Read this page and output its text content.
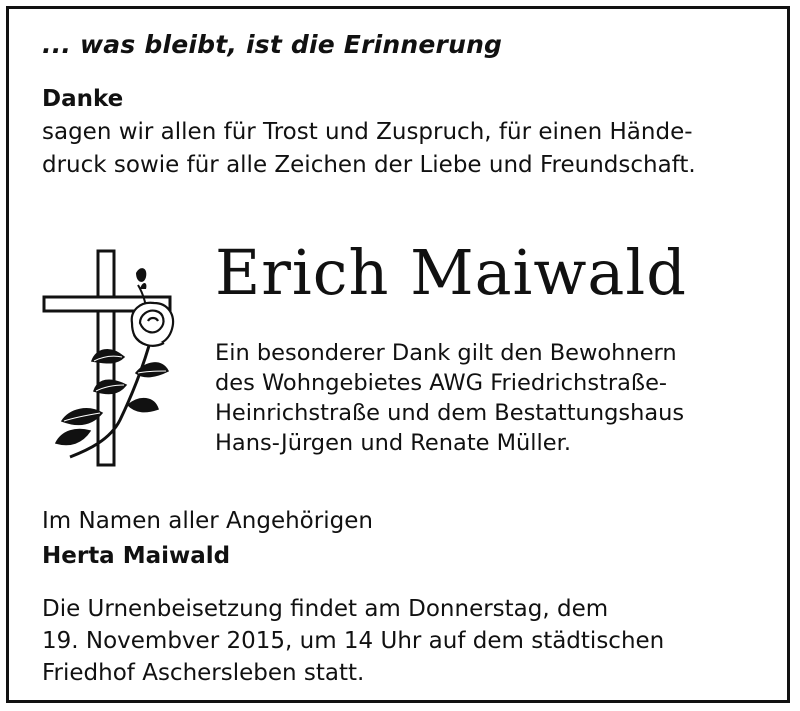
... was bleibt, ist die Erinnerung
Danke
sagen wir allen für Trost und Zuspruch, für einen Hände-
druck sowie für alle Zeichen der Liebe und Freundschaft.
Erich Maiwald
Ein besonderer Dank gilt den Bewohnern
des Wohngebietes AWG Friedrichstraße-
Heinrichstraße und dem Bestattungshaus
Hans-Jürgen und Renate Müller.
Im Namen aller Angehörigen
Herta Maiwald
Die Urnenbeisetzung findet am Donnerstag, dem
19. Novembver 2015, um 14 Uhr auf dem städtischen
Friedhof Aschersleben statt.
